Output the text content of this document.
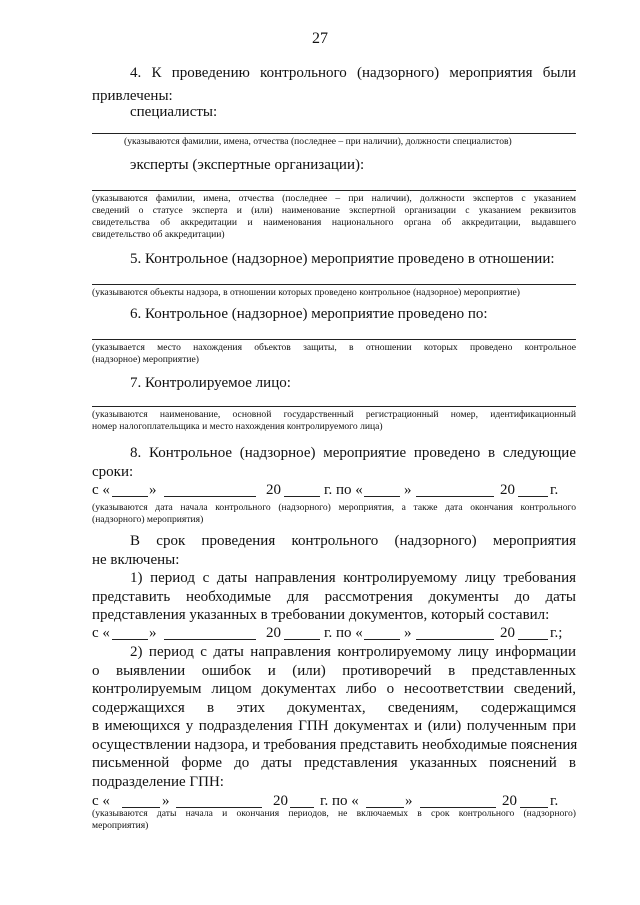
27
4. К проведению контрольного (надзорного) мероприятия были
привлечены:
специалисты:
(указываются фамилии, имена, отчества (последнее – при наличии), должности специалистов)
эксперты (экспертные организации):
(указываются фамилии, имена, отчества (последнее – при наличии), должности экспертов с указанием
сведений о статусе эксперта и (или) наименование экспертной организации с указанием реквизитов
свидетельства об аккредитации и наименования национального органа об аккредитации, выдавшего
свидетельство об аккредитации)
5. Контрольное (надзорное) мероприятие проведено в отношении:
(указываются объекты надзора, в отношении которых проведено контрольное (надзорное) мероприятие)
6. Контрольное (надзорное) мероприятие проведено по:
(указывается место нахождения объектов защиты, в отношении которых проведено контрольное
(надзорное) мероприятие)
7. Контролируемое лицо:
(указываются наименование, основной государственный регистрационный номер, идентификационный
номер налогоплательщика и место нахождения контролируемого лица)
8. Контрольное (надзорное) мероприятие проведено в следующие
сроки:
с «	»	20	г. по «	»	20 г.
(указываются дата начала контрольного (надзорного) мероприятия, а также дата окончания контрольного
(надзорного) мероприятия)
В срок проведения контрольного (надзорного) мероприятия
не включены:
1) период с даты направления контролируемому лицу требования
представить необходимые для рассмотрения документы до даты
представления указанных в требовании документов, который составил:
с «	»	20	г. по «	»	20 г.;
2) период с даты направления контролируемому лицу информации
о выявлении ошибок и (или) противоречий в представленных
контролируемым лицом документах либо о несоответствии сведений,
содержащихся в этих документах, сведениям, содержащимся
в имеющихся у подразделения ГПН документах и (или) полученным при
осуществлении надзора, и требования представить необходимые пояснения
письменной форме до даты представления указанных пояснений в
подразделение ГПН:
с «	»	20 г. по «	»	20 г.
(указываются даты начала и окончания периодов, не включаемых в срок контрольного (надзорного)
мероприятия)
